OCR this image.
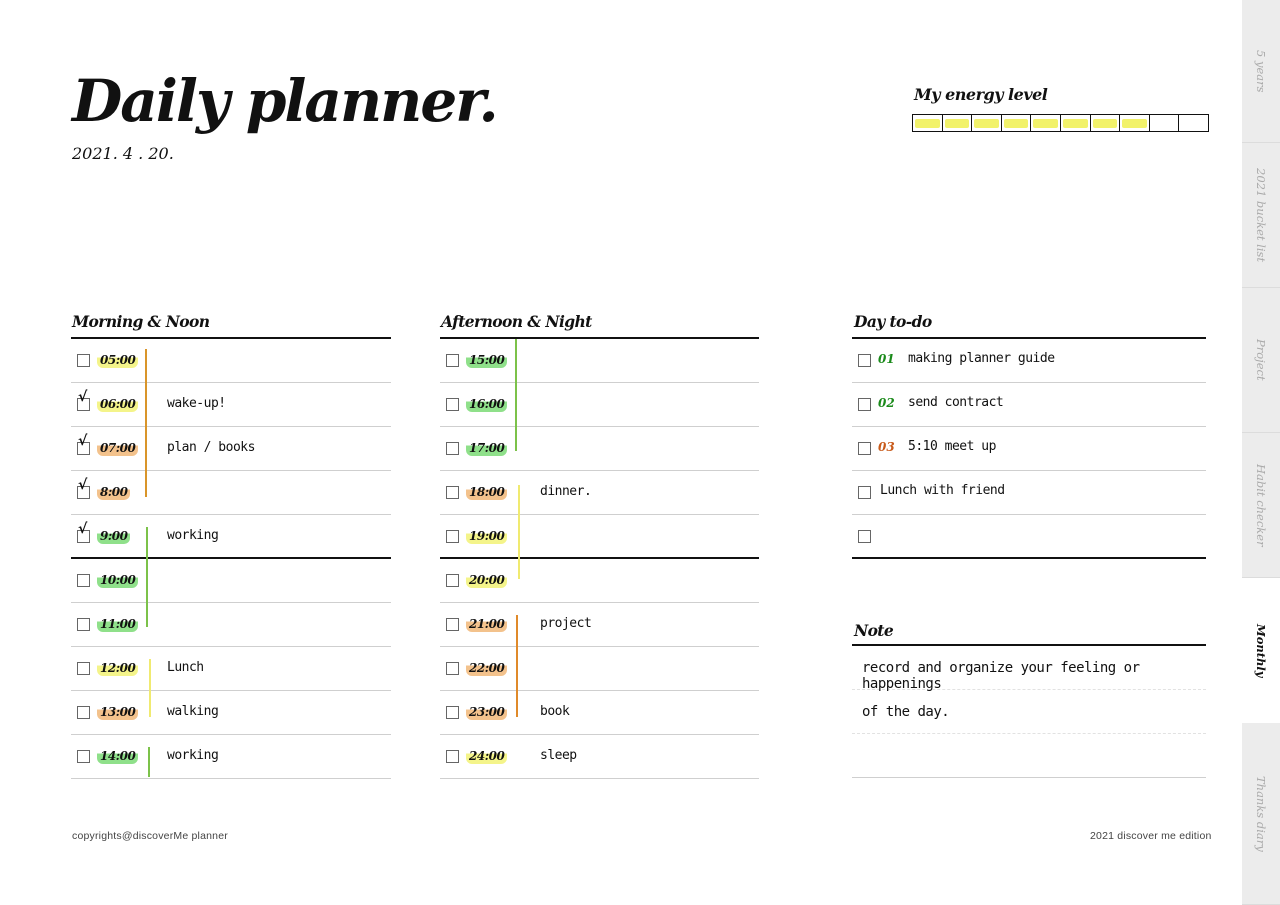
Daily planner.
2021. 4 . 20.
My energy level
Morning & Noon
05:00
√ 06:00 wake-up!
√ 07:00 plan / books
√ 8:00
√ 9:00	working
10:00
11:00
12:00 Lunch
13:00 walking
14:00 working
Afternoon & Night
15:00
16:00
17:00
18:00	dinner.
19:00
20:00
21:00	project
22:00
23:00	book
24:00	sleep
Day to-do
01 making planner guide
02 send contract
03 5:10 meet up
Lunch with friend
Note
record and organize your feeling or happenings
of the day.
copyrights@discoverMe planner	2021 discover me edition
5 years
2021 bucket list
Project
Habit checker
Monthly
Thanks diary
